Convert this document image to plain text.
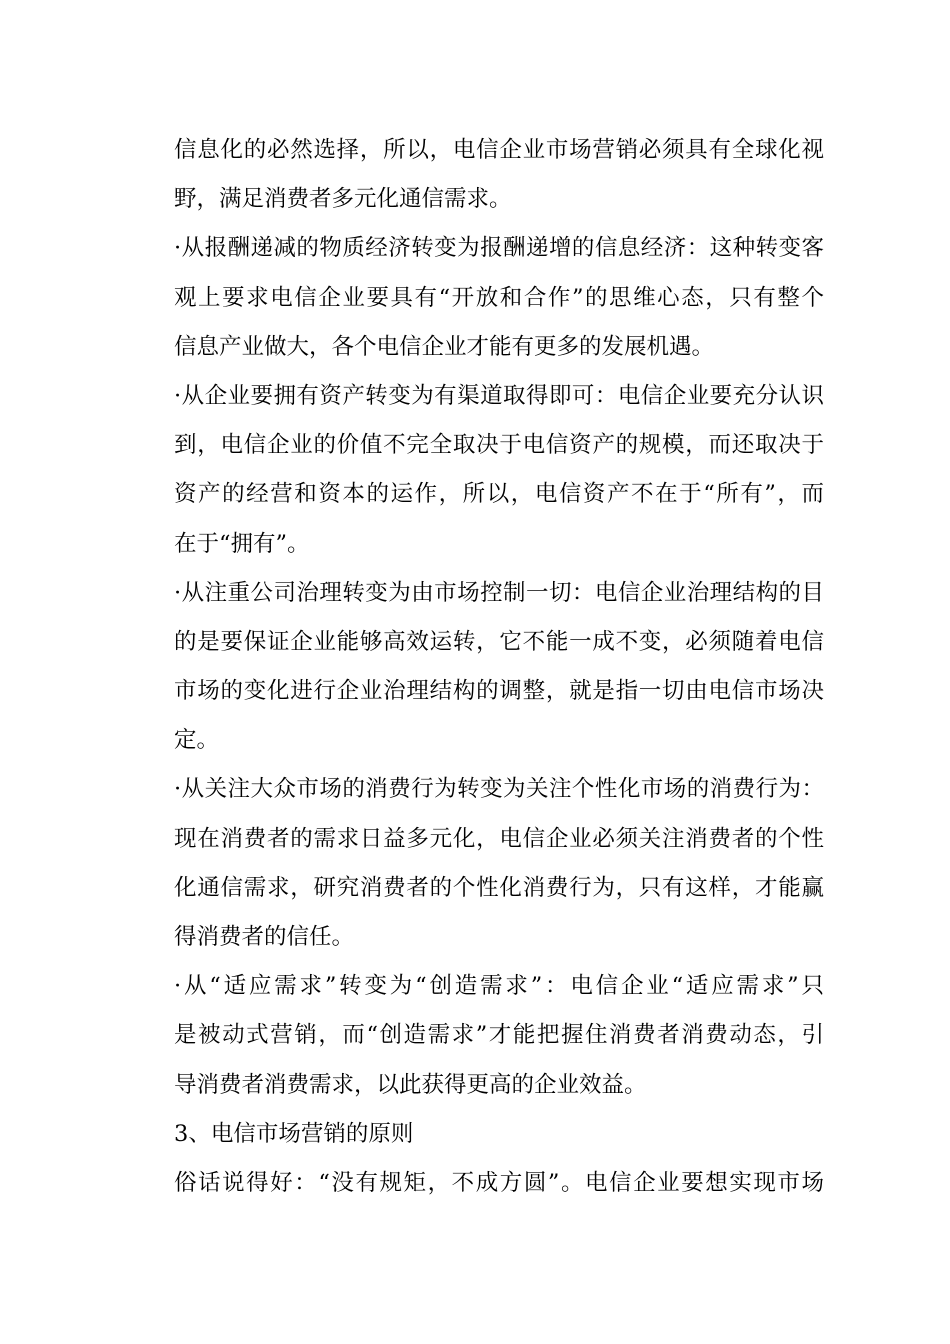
信息化的必然选择，所以，电信企业市场营销必须具有全球化视
野，满足消费者多元化通信需求。
·从报酬递减的物质经济转变为报酬递增的信息经济：这种转变客
观上要求电信企业要具有“开放和合作”的思维心态，只有整个
信息产业做大，各个电信企业才能有更多的发展机遇。
·从企业要拥有资产转变为有渠道取得即可：电信企业要充分认识
到，电信企业的价值不完全取决于电信资产的规模，而还取决于
资产的经营和资本的运作，所以，电信资产不在于“所有”，而
在于“拥有”。
·从注重公司治理转变为由市场控制一切：电信企业治理结构的目
的是要保证企业能够高效运转，它不能一成不变，必须随着电信
市场的变化进行企业治理结构的调整，就是指一切由电信市场决
定。
·从关注大众市场的消费行为转变为关注个性化市场的消费行为：
现在消费者的需求日益多元化，电信企业必须关注消费者的个性
化通信需求，研究消费者的个性化消费行为，只有这样，才能赢
得消费者的信任。
·从“适应需求”转变为“创造需求”：电信企业“适应需求”只
是被动式营销，而“创造需求”才能把握住消费者消费动态，引
导消费者消费需求，以此获得更高的企业效益。
3、电信市场营销的原则
俗话说得好：“没有规矩，不成方圆”。电信企业要想实现市场
